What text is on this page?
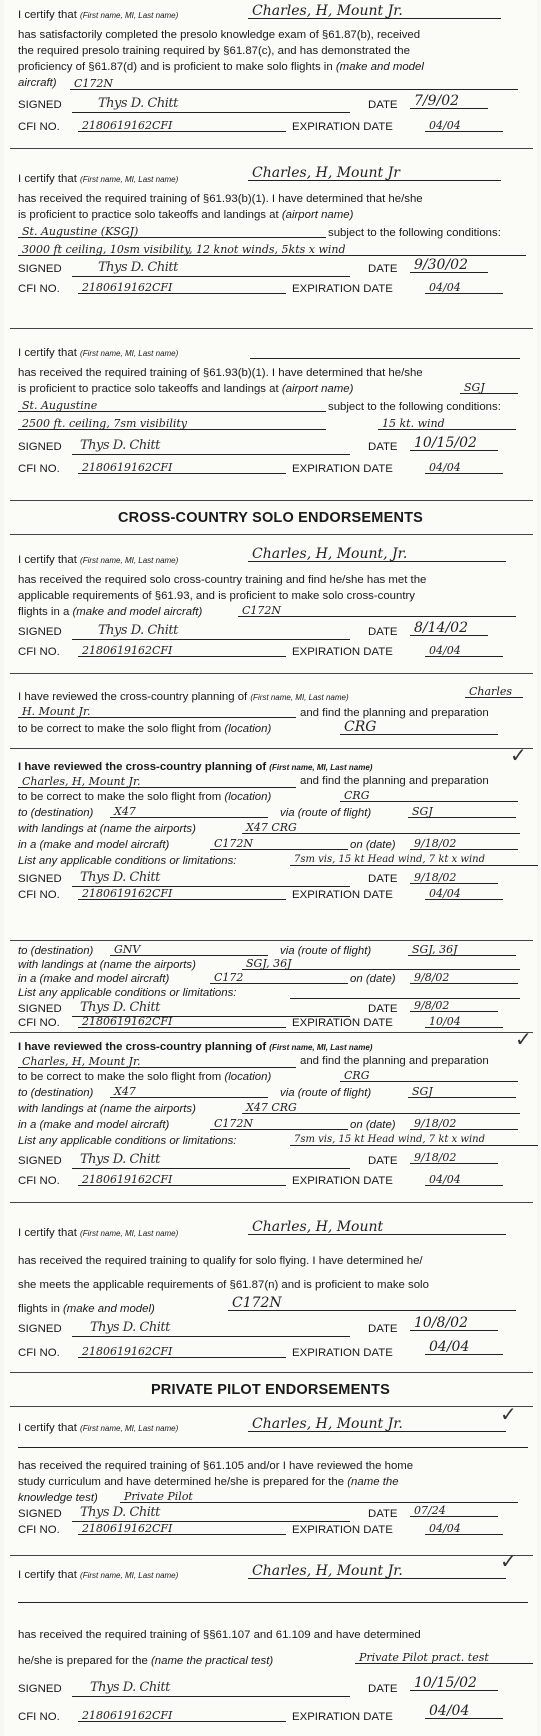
I certify that (First name, MI, Last name)	Charles, H, Mount Jr.
has satisfactorily completed the presolo knowledge exam of §61.87(b), received
the required presolo training required by §61.87(c), and has demonstrated the
proficiency of §61.87(d) and is proficient to make solo flights in (make and model
aircraft)	C172N
SIGNED	Thys D. Chitt	DATE 7/9/02
CFI NO.	2180619162CFI	EXPIRATION DATE	04/04
I certify that (First name, MI, Last name)	Charles, H, Mount Jr
has received the required training of §61.93(b)(1). I have determined that he/she
is proficient to practice solo takeoffs and landings at (airport name)
St. Augustine (KSGJ)	subject to the following conditions:
3000 ft ceiling, 10sm visibility, 12 knot winds, 5kts x wind
SIGNED	Thys D. Chitt	DATE 9/30/02
CFI NO.	2180619162CFI	EXPIRATION DATE	04/04
I certify that (First name, MI, Last name)
has received the required training of §61.93(b)(1). I have determined that he/she
is proficient to practice solo takeoffs and landings at (airport name)	SGJ
St. Augustine	subject to the following conditions:
2500 ft. ceiling, 7sm visibility	15 kt. wind
SIGNED Thys D. Chitt	DATE 10/15/02
CFI NO.	2180619162CFI	EXPIRATION DATE	04/04
CROSS-COUNTRY SOLO ENDORSEMENTS
I certify that (First name, MI, Last name)	Charles, H, Mount, Jr.
has received the required solo cross-country training and find he/she has met the
applicable requirements of §61.93, and is proficient to make solo cross-country
flights in a (make and model aircraft)	C172N
SIGNED	Thys D. Chitt	DATE 8/14/02
CFI NO.	2180619162CFI	EXPIRATION DATE	04/04
I have reviewed the cross-country planning of (First name, MI, Last name)	Charles
H. Mount Jr.	and find the planning and preparation
to be correct to make the solo flight from (location)	CRG
I have reviewed the cross-country planning of (First name, MI, Last name)
✓
Charles, H, Mount Jr.	and find the planning and preparation
to be correct to make the solo flight from (location)	CRG
to (destination)	X47	via (route of flight)	SGJ
with landings at (name the airports)	X47 CRG
in a (make and model aircraft)	C172N	on (date)	9/18/02
List any applicable conditions or limitations:	7sm vis, 15 kt Head wind, 7 kt x wind
SIGNED Thys D. Chitt	DATE	9/18/02
CFI NO.	2180619162CFI	EXPIRATION DATE	04/04
to (destination)	GNV	via (route of flight)	SGJ, 36J
with landings at (name the airports)	SGJ, 36J
in a (make and model aircraft)	C172	on (date)	9/8/02
List any applicable conditions or limitations:
SIGNED Thys D. Chitt	DATE	9/8/02
CFI NO.	2180619162CFI	EXPIRATION DATE	10/04
I have reviewed the cross-country planning of (First name, MI, Last name)	✓
Charles, H, Mount Jr.	and find the planning and preparation
to be correct to make the solo flight from (location)	CRG
to (destination)	X47	via (route of flight)	SGJ
with landings at (name the airports)	X47 CRG
in a (make and model aircraft)	C172N	on (date)	9/18/02
List any applicable conditions or limitations:	7sm vis, 15 kt Head wind, 7 kt x wind
SIGNED Thys D. Chitt	DATE	9/18/02
CFI NO.	2180619162CFI	EXPIRATION DATE	04/04
I certify that (First name, MI, Last name)	Charles, H, Mount
has received the required training to qualify for solo flying. I have determined he/
she meets the applicable requirements of §61.87(n) and is proficient to make solo
flights in (make and model)	C172N
SIGNED Thys D. Chitt	DATE 10/8/02
CFI NO.	2180619162CFI	EXPIRATION DATE	04/04
PRIVATE PILOT ENDORSEMENTS
I certify that (First name, MI, Last name)	Charles, H, Mount Jr.	✓
has received the required training of §61.105 and/or I have reviewed the home
study curriculum and have determined he/she is prepared for the (name the
knowledge test)	Private Pilot
SIGNED Thys D. Chitt	DATE	07/24
CFI NO.	2180619162CFI	EXPIRATION DATE	04/04
I certify that (First name, MI, Last name)	Charles, H, Mount Jr.	✓
has received the required training of §§61.107 and 61.109 and have determined
he/she is prepared for the (name the practical test)	Private Pilot pract. test
SIGNED Thys D. Chitt	DATE 10/15/02
CFI NO.	2180619162CFI	EXPIRATION DATE	04/04
